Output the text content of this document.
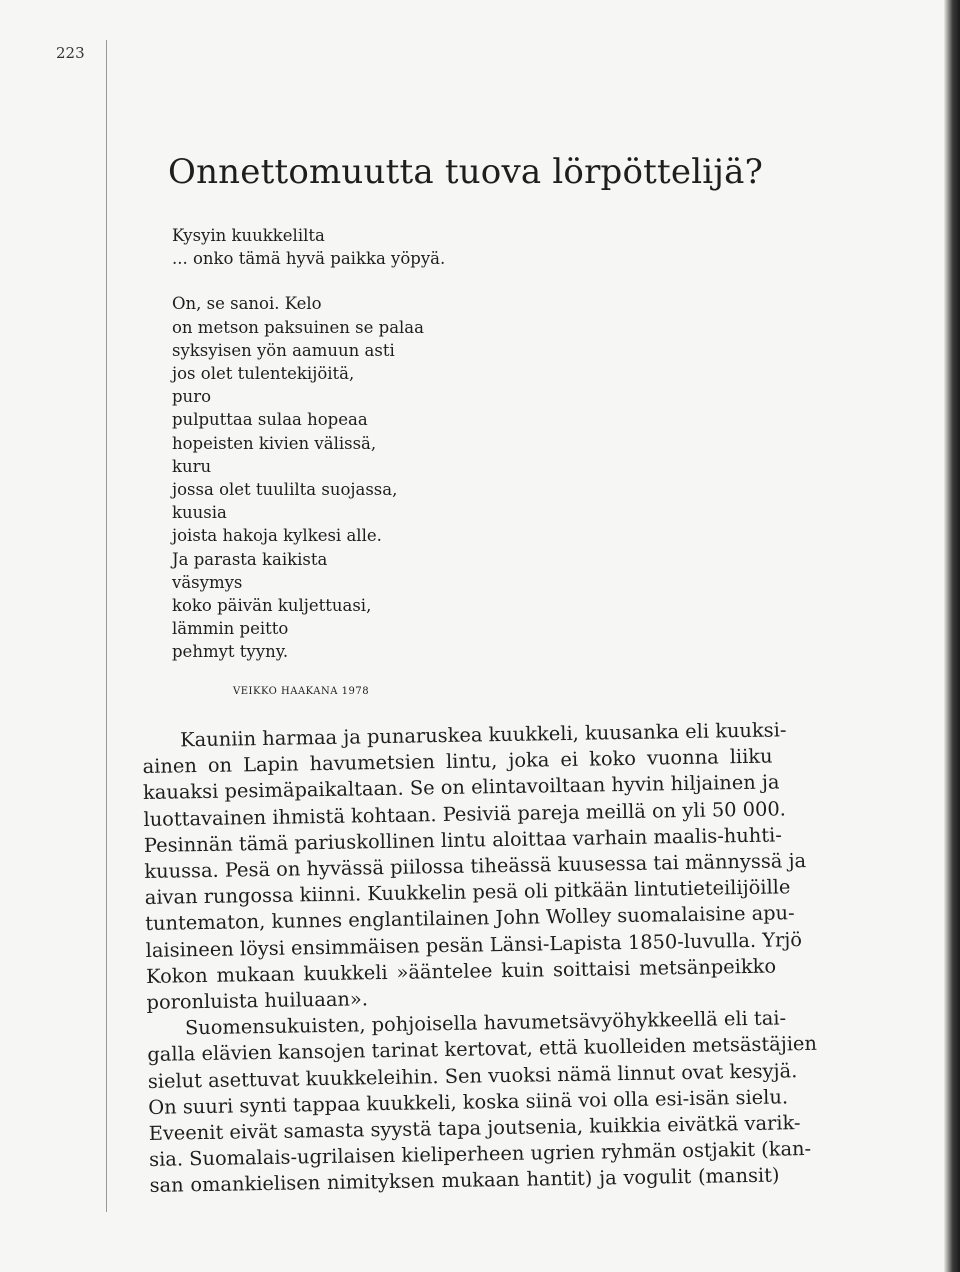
223
Onnettomuutta tuova lörpöttelijä?
Kysyin kuukkelilta
... onko tämä hyvä paikka yöpyä.
On, se sanoi. Kelo
on metson paksuinen se palaa
syksyisen yön aamuun asti
jos olet tulentekijöitä,
puro
pulputtaa sulaa hopeaa
hopeisten kivien välissä,
kuru
jossa olet tuulilta suojassa,
kuusia
joista hakoja kylkesi alle.
Ja parasta kaikista
väsymys
koko päivän kuljettuasi,
lämmin peitto
pehmyt tyyny.
VEIKKO HAAKANA 1978
Kauniin harmaa ja punaruskea kuukkeli, kuusanka eli kuuksi-
ainen on Lapin havumetsien lintu, joka ei koko vuonna liiku
kauaksi pesimäpaikaltaan. Se on elintavoiltaan hyvin hiljainen ja
luottavainen ihmistä kohtaan. Pesiviä pareja meillä on yli 50 000.
Pesinnän tämä pariuskollinen lintu aloittaa varhain maalis-huhti-
kuussa. Pesä on hyvässä piilossa tiheässä kuusessa tai männyssä ja
aivan rungossa kiinni. Kuukkelin pesä oli pitkään lintutieteilijöille
tuntematon, kunnes englantilainen John Wolley suomalaisine apu-
laisineen löysi ensimmäisen pesän Länsi-Lapista 1850-luvulla. Yrjö
Kokon mukaan kuukkeli »ääntelee kuin soittaisi metsänpeikko
poronluista huiluaan».
Suomensukuisten, pohjoisella havumetsävyöhykkeellä eli tai-
galla elävien kansojen tarinat kertovat, että kuolleiden metsästäjien
sielut asettuvat kuukkeleihin. Sen vuoksi nämä linnut ovat kesyjä.
On suuri synti tappaa kuukkeli, koska siinä voi olla esi-isän sielu.
Eveenit eivät samasta syystä tapa joutsenia, kuikkia eivätkä varik-
sia. Suomalais-ugrilaisen kieliperheen ugrien ryhmän ostjakit (kan-
san omankielisen nimityksen mukaan hantit) ja vogulit (mansit)
